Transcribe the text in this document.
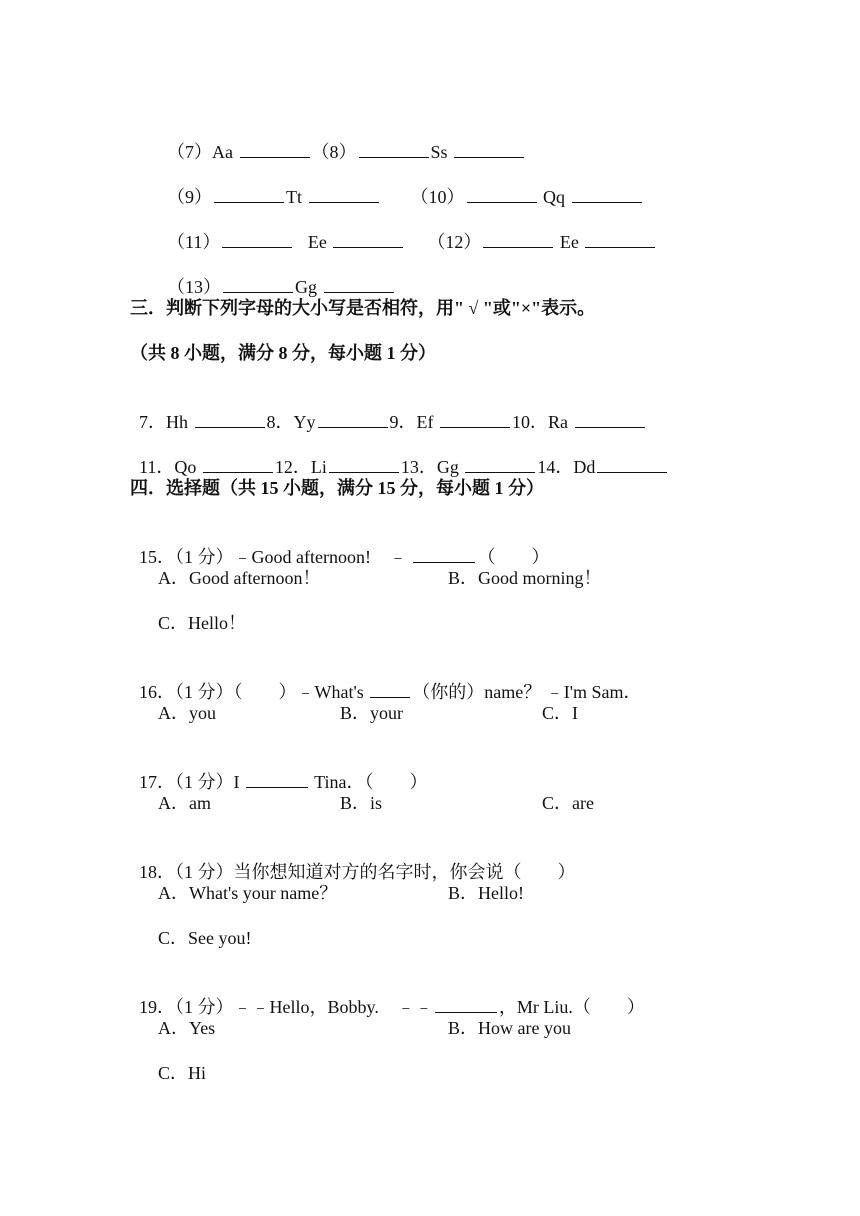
（7）Aa	（8）	Ss

（9）	Tt	（10）	Qq

（11）	Ee	（12）	Ee

（13）	Gg

三．判断下列字母的大小写是否相符，用" √ "或"×"表示。
（共 8 小题，满分 8 分，每小题 1 分）

7．Hh	8．Yy	9．Ef	10．Ra

11．Qo	12．Li	13．Gg	14．Dd

四．选择题（共 15 小题，满分 15 分，每小题 1 分）

15．（1 分）﹣Good afternoon!　﹣	（　　）

A．Good afternoon！	B．Good morning！
C．Hello！

16．（1 分）（　　）﹣What's （你的）name？ ﹣I'm Sam．

A．you	B．your	C．I

17．（1 分）I	Tina．（　　）

A．am	B．is	C．are

18．（1 分）当你想知道对方的名字时，你会说（　　）

A．What's your name？	B．Hello!
C．See you!

19．（1 分）﹣﹣Hello，Bobby.　﹣﹣	，Mr Liu.（　　）

A．Yes	B．How are you
C．Hi
